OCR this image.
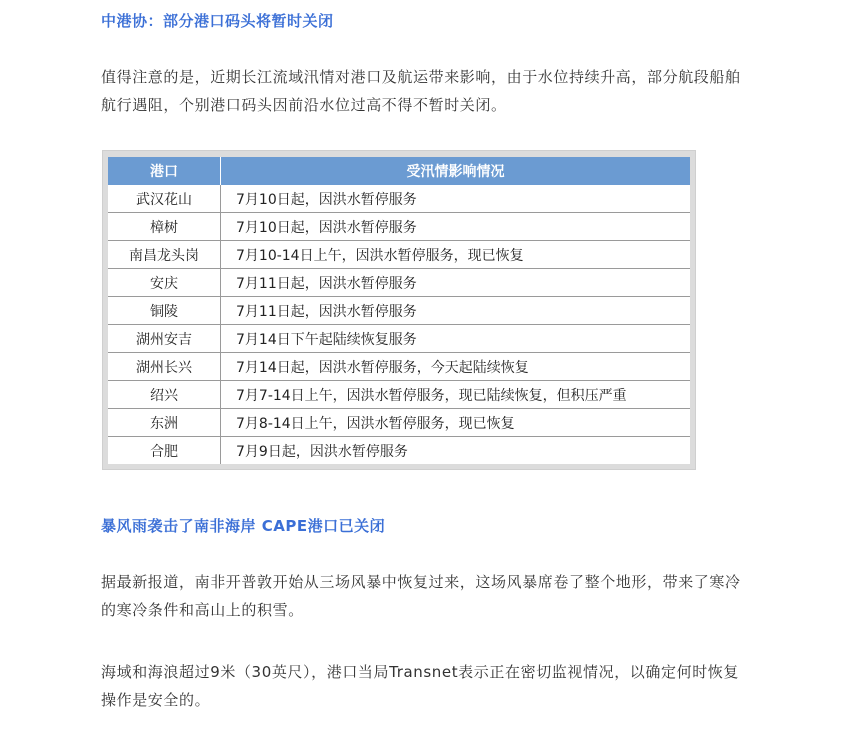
中港协：部分港口码头将暂时关闭

值得注意的是，近期长江流域汛情对港口及航运带来影响，由于水位持续升高，部分航段船舶航行遇阻，个别港口码头因前沿水位过高不得不暂时关闭。

港口	受汛情影响情况
武汉花山	7月10日起，因洪水暂停服务
樟树	7月10日起，因洪水暂停服务
南昌龙头岗	7月10-14日上午，因洪水暂停服务，现已恢复
安庆	7月11日起，因洪水暂停服务
铜陵	7月11日起，因洪水暂停服务
湖州安吉	7月14日下午起陆续恢复服务
湖州长兴	7月14日起，因洪水暂停服务，今天起陆续恢复
绍兴	7月7-14日上午，因洪水暂停服务，现已陆续恢复，但积压严重
东洲	7月8-14日上午，因洪水暂停服务，现已恢复
合肥	7月9日起，因洪水暂停服务
暴风雨袭击了南非海岸 CAPE港口已关闭

据最新报道，南非开普敦开始从三场风暴中恢复过来，这场风暴席卷了整个地形，带来了寒冷的寒冷条件和高山上的积雪。

海域和海浪超过9米（30英尺），港口当局Transnet表示正在密切监视情况，以确定何时恢复操作是安全的。
